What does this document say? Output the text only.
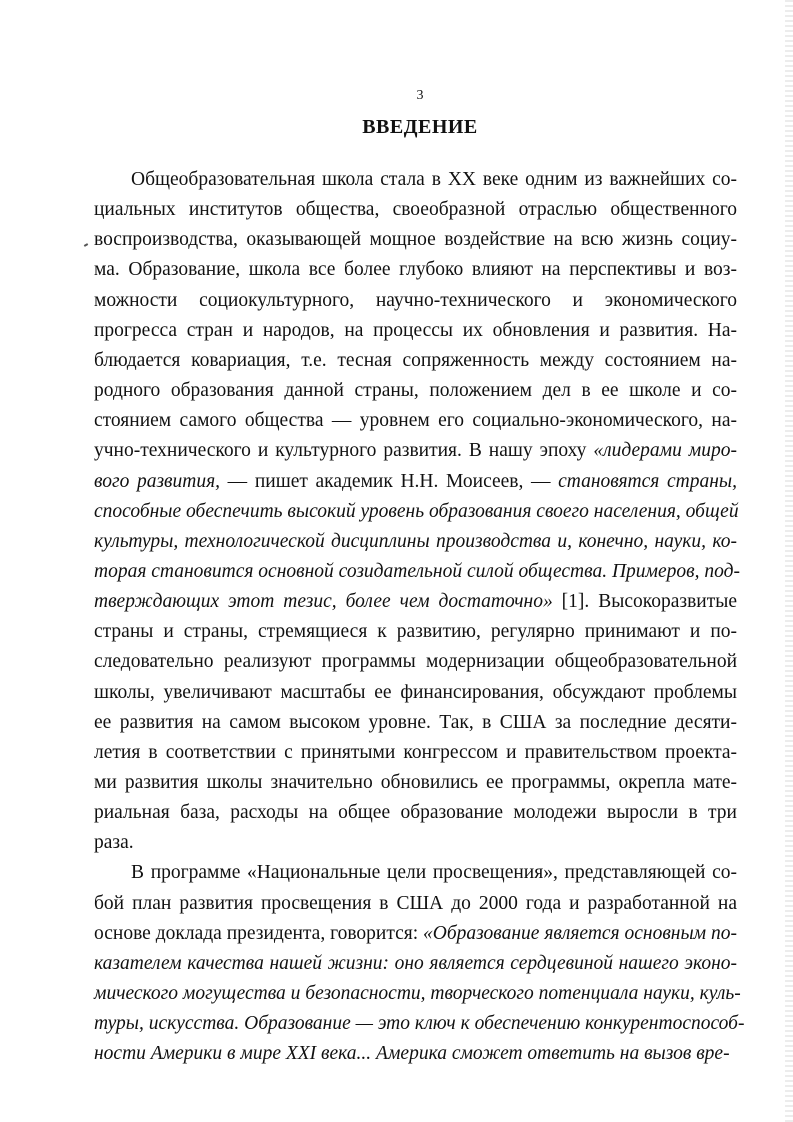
3
ВВЕДЕНИЕ
Общеобразовательная школа стала в XX веке одним из важнейших со-
циальных институтов общества, своеобразной отраслью общественного
воспроизводства, оказывающей мощное воздействие на всю жизнь социу-
ма. Образование, школа все более глубоко влияют на перспективы и воз-
можности социокультурного, научно-технического и экономического
прогресса стран и народов, на процессы их обновления и развития. На-
блюдается ковариация, т.е. тесная сопряженность между состоянием на-
родного образования данной страны, положением дел в ее школе и со-
стоянием самого общества — уровнем его социально-экономического, на-
учно-технического и культурного развития. В нашу эпоху «лидерами миро-
вого развития, — пишет академик Н.Н. Моисеев, — становятся страны,
способные обеспечить высокий уровень образования своего населения, общей
культуры, технологической дисциплины производства и, конечно, науки, ко-
торая становится основной созидательной силой общества. Примеров, под-
тверждающих этот тезис, более чем достаточно» [1]. Высокоразвитые
страны и страны, стремящиеся к развитию, регулярно принимают и по-
следовательно реализуют программы модернизации общеобразовательной
школы, увеличивают масштабы ее финансирования, обсуждают проблемы
ее развития на самом высоком уровне. Так, в США за последние десяти-
летия в соответствии с принятыми конгрессом и правительством проекта-
ми развития школы значительно обновились ее программы, окрепла мате-
риальная база, расходы на общее образование молодежи выросли в три
раза.
В программе «Национальные цели просвещения», представляющей со-
бой план развития просвещения в США до 2000 года и разработанной на
основе доклада президента, говорится: «Образование является основным по-
казателем качества нашей жизни: оно является сердцевиной нашего эконо-
мического могущества и безопасности, творческого потенциала науки, куль-
туры, искусства. Образование — это ключ к обеспечению конкурентоспособ-
ности Америки в мире XXI века... Америка сможет ответить на вызов вре-
